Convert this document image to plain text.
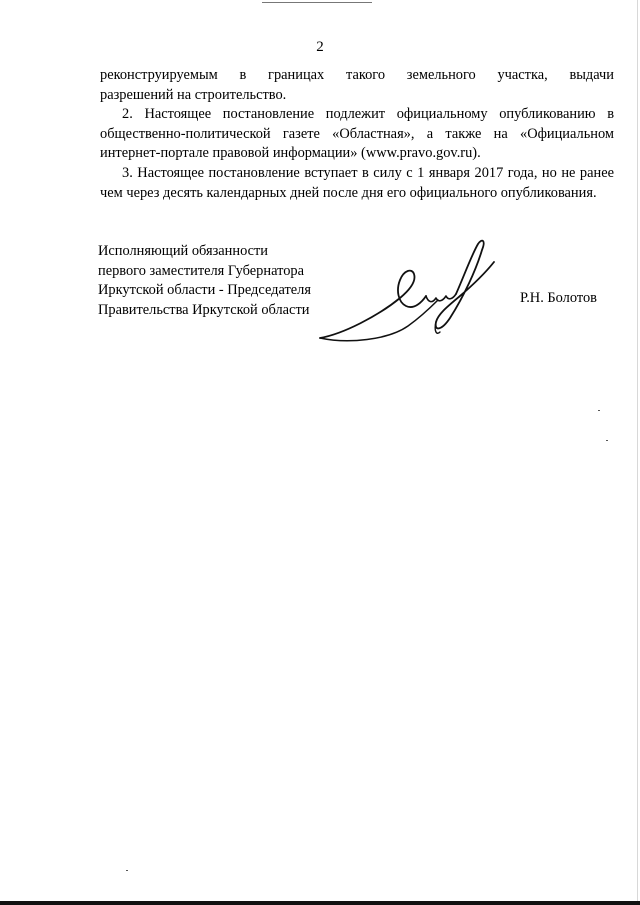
2

реконструируемым в границах такого земельного участка, выдачи

разрешений на строительство.

2. Настоящее постановление подлежит официальному опубликованию в общественно-политической газете «Областная», а также на «Официальном интернет-портале правовой информации» (www.pravo.gov.ru).

3. Настоящее постановление вступает в силу с 1 января 2017 года, но не ранее чем через десять календарных дней после дня его официального опубликования.

Исполняющий обязанности
первого заместителя Губернатора
Иркутской области - Председателя
Правительства Иркутской области
Р.Н. Болотов
